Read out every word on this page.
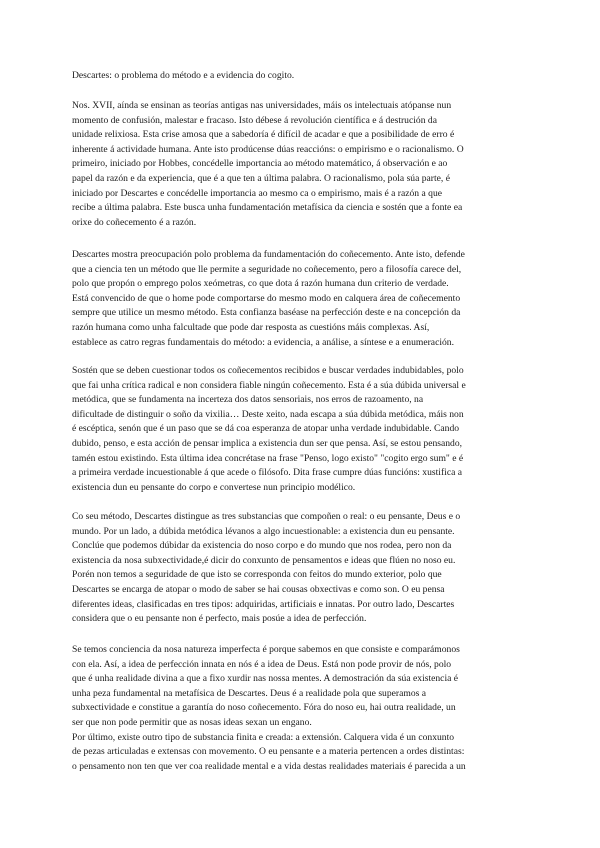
Descartes: o problema do método e a evidencia do cogito.

Nos. XVII, aínda se ensinan as teorías antigas nas universidades, máis os intelectuais atópanse nun
momento de confusión, malestar e fracaso. Isto débese á revolución científica e á destrución da
unidade relixiosa. Esta crise amosa que a sabedoría é difícil de acadar e que a posibilidade de erro é
inherente á actividade humana. Ante isto prodúcense dúas reaccións: o empirismo e o racionalismo. O
primeiro, iniciado por Hobbes, concédelle importancia ao método matemático, á observación e ao
papel da razón e da experiencia, que é a que ten a última palabra. O racionalismo, pola súa parte, é
iniciado por Descartes e concédelle importancia ao mesmo ca o empirismo, mais é a razón a que
recibe a última palabra. Este busca unha fundamentación metafísica da ciencia e sostén que a fonte ea
orixe do coñecemento é a razón.

Descartes mostra preocupación polo problema da fundamentación do coñecemento. Ante isto, defende
que a ciencia ten un método que lle permite a seguridade no coñecemento, pero a filosofía carece del,
polo que propón o emprego polos xeómetras, co que dota á razón humana dun criterio de verdade.
Está convencido de que o home pode comportarse do mesmo modo en calquera área de coñecemento
sempre que utilice un mesmo método. Esta confianza baséase na perfección deste e na concepción da
razón humana como unha falcultade que pode dar resposta as cuestións máis complexas. Así,
establece as catro regras fundamentais do método: a evidencia, a análise, a síntese e a enumeración.

Sostén que se deben cuestionar todos os coñecementos recibidos e buscar verdades indubidables, polo
que fai unha crítica radical e non considera fiable ningún coñecemento. Esta é a súa dúbida universal e
metódica, que se fundamenta na incerteza dos datos sensoriais, nos erros de razoamento, na
dificultade de distinguir o soño da vixilia… Deste xeito, nada escapa a súa dúbida metódica, máis non
é escéptica, senón que é un paso que se dá coa esperanza de atopar unha verdade indubidable. Cando
dubido, penso, e esta acción de pensar implica a existencia dun ser que pensa. Así, se estou pensando,
tamén estou existindo. Esta última idea concrétase na frase "Penso, logo existo" "cogito ergo sum" e é
a primeira verdade incuestionable á que acede o filósofo. Dita frase cumpre dúas funcións: xustifica a
existencia dun eu pensante do corpo e convertese nun principio modélico.

Co seu método, Descartes distingue as tres substancias que compoñen o real: o eu pensante, Deus e o
mundo. Por un lado, a dúbida metódica lévanos a algo incuestionable: a existencia dun eu pensante.
Conclúe que podemos dúbidar da existencia do noso corpo e do mundo que nos rodea, pero non da
existencia da nosa subxectividade,é dicir do conxunto de pensamentos e ideas que flúen no noso eu.
Porén non temos a seguridade de que isto se corresponda con feitos do mundo exterior, polo que
Descartes se encarga de atopar o modo de saber se hai cousas obxectivas e como son. O eu pensa
diferentes ideas, clasificadas en tres tipos: adquiridas, artificiais e innatas. Por outro lado, Descartes
considera que o eu pensante non é perfecto, mais posúe a idea de perfección.

Se temos conciencia da nosa natureza imperfecta é porque sabemos en que consiste e comparámonos
con ela. Así, a idea de perfección innata en nós é a idea de Deus. Está non pode provir de nós, polo
que é unha realidade divina a que a fixo xurdir nas nossa mentes. A demostración da súa existencia é
unha peza fundamental na metafísica de Descartes. Deus é a realidade pola que superamos a
subxectividade e constitue a garantía do noso coñecemento. Fóra do noso eu, hai outra realidade, un
ser que non pode permitir que as nosas ideas sexan un engano.
Por último, existe outro tipo de substancia finita e creada: a extensión. Calquera vida é un conxunto
de pezas articuladas e extensas con movemento. O eu pensante e a materia pertencen a ordes distintas:
o pensamento non ten que ver coa realidade mental e a vida destas realidades materiais é parecida a un
